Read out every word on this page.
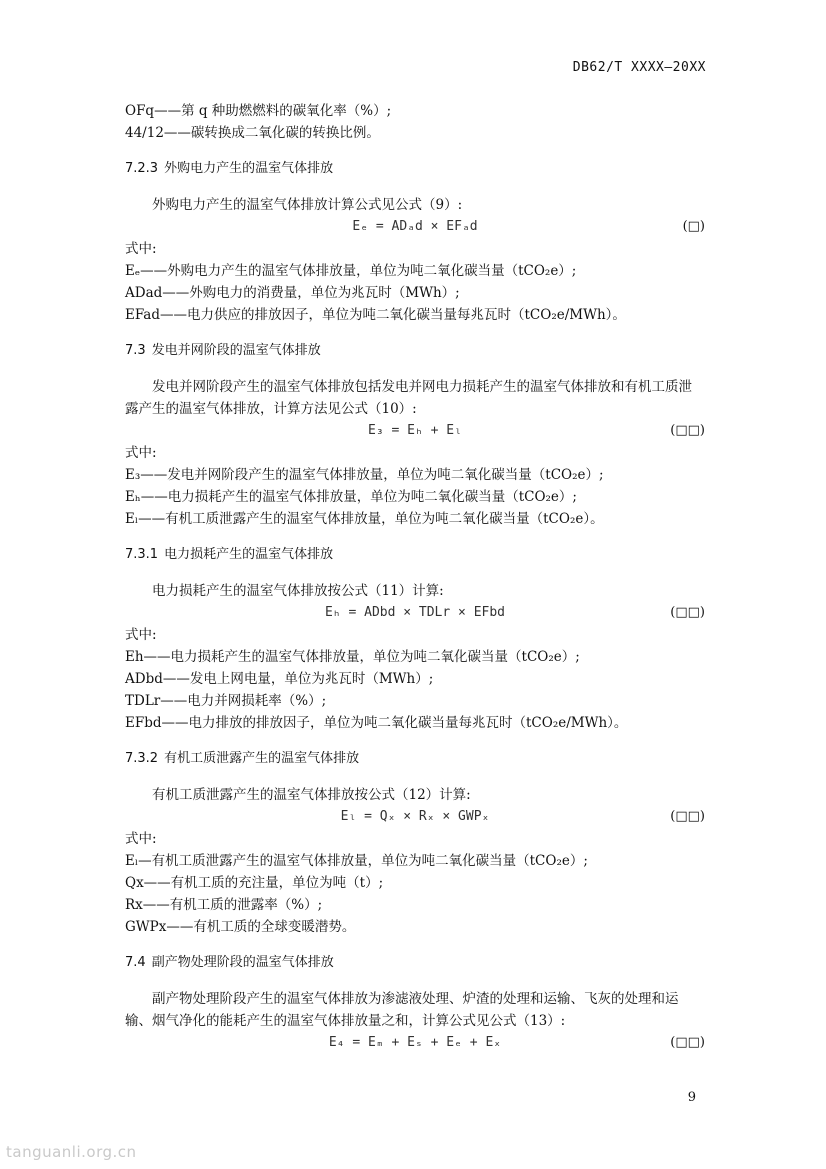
DB62/T XXXX—20XX
OFq——第 q 种助燃燃料的碳氧化率（%）;
44/12——碳转换成二氧化碳的转换比例。
7.2.3 外购电力产生的温室气体排放
外购电力产生的温室气体排放计算公式见公式（9）:
Eₑ = ADₐd × EFₐd	(□)
式中:
Eₑ——外购电力产生的温室气体排放量，单位为吨二氧化碳当量（tCO₂e）;
ADad——外购电力的消费量，单位为兆瓦时（MWh）;
EFad——电力供应的排放因子，单位为吨二氧化碳当量每兆瓦时（tCO₂e/MWh）。
7.3 发电并网阶段的温室气体排放
发电并网阶段产生的温室气体排放包括发电并网电力损耗产生的温室气体排放和有机工质泄露产生的温室气体排放，计算方法见公式（10）:
E₃ = Eₕ + Eₗ	(□□)
式中:
E₃——发电并网阶段产生的温室气体排放量，单位为吨二氧化碳当量（tCO₂e）;
Eₕ——电力损耗产生的温室气体排放量，单位为吨二氧化碳当量（tCO₂e）;
Eₗ——有机工质泄露产生的温室气体排放量，单位为吨二氧化碳当量（tCO₂e）。
7.3.1 电力损耗产生的温室气体排放
电力损耗产生的温室气体排放按公式（11）计算:
Eₕ = ADbd × TDLr × EFbd	(□□)
式中:
Eh——电力损耗产生的温室气体排放量，单位为吨二氧化碳当量（tCO₂e）;
ADbd——发电上网电量，单位为兆瓦时（MWh）;
TDLr——电力并网损耗率（%）;
EFbd——电力排放的排放因子，单位为吨二氧化碳当量每兆瓦时（tCO₂e/MWh）。
7.3.2 有机工质泄露产生的温室气体排放
有机工质泄露产生的温室气体排放按公式（12）计算:
Eₗ = Qₓ × Rₓ × GWPₓ	(□□)
式中:
Eₗ—有机工质泄露产生的温室气体排放量，单位为吨二氧化碳当量（tCO₂e）;
Qx——有机工质的充注量，单位为吨（t）;
Rx——有机工质的泄露率（%）;
GWPx——有机工质的全球变暖潜势。
7.4 副产物处理阶段的温室气体排放
副产物处理阶段产生的温室气体排放为渗滤液处理、炉渣的处理和运输、飞灰的处理和运输、烟气净化的能耗产生的温室气体排放量之和，计算公式见公式（13）:
E₄ = Eₘ + Eₛ + Eₑ + Eₓ	(□□)
9
tanguanli.org.cn
